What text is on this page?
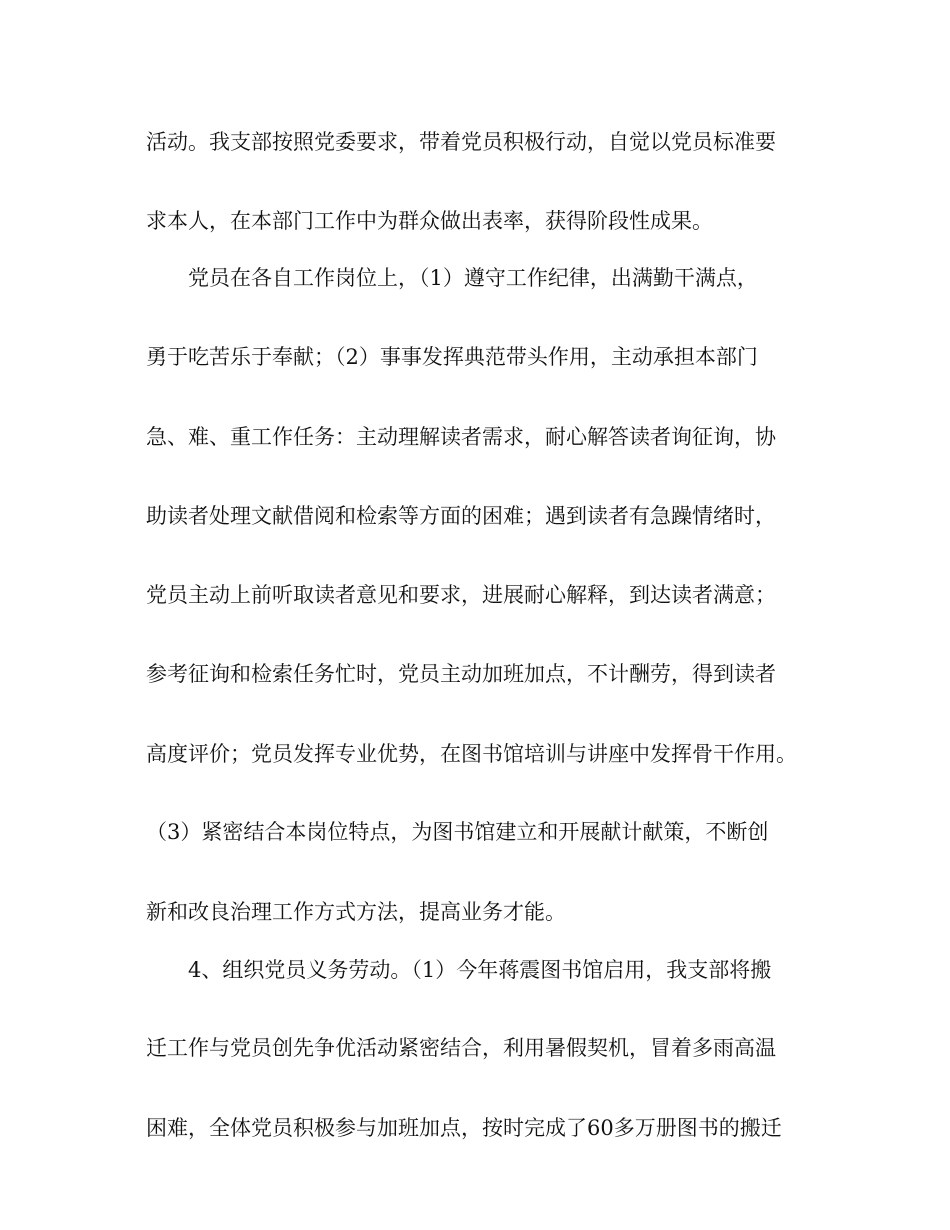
活动。我支部按照党委要求，带着党员积极行动，自觉以党员标准要
求本人，在本部门工作中为群众做出表率，获得阶段性成果。
　　党员在各自工作岗位上，（1）遵守工作纪律，出满勤干满点，
勇于吃苦乐于奉献；（2）事事发挥典范带头作用，主动承担本部门
急、难、重工作任务：主动理解读者需求，耐心解答读者询征询，协
助读者处理文献借阅和检索等方面的困难；遇到读者有急躁情绪时，
党员主动上前听取读者意见和要求，进展耐心解释，到达读者满意；
参考征询和检索任务忙时，党员主动加班加点，不计酬劳，得到读者
高度评价；党员发挥专业优势，在图书馆培训与讲座中发挥骨干作用。
（3）紧密结合本岗位特点，为图书馆建立和开展献计献策，不断创
新和改良治理工作方式方法，提高业务才能。
　　4、组织党员义务劳动。（1）今年蒋震图书馆启用，我支部将搬
迁工作与党员创先争优活动紧密结合，利用暑假契机，冒着多雨高温
困难，全体党员积极参与加班加点，按时完成了60多万册图书的搬迁
